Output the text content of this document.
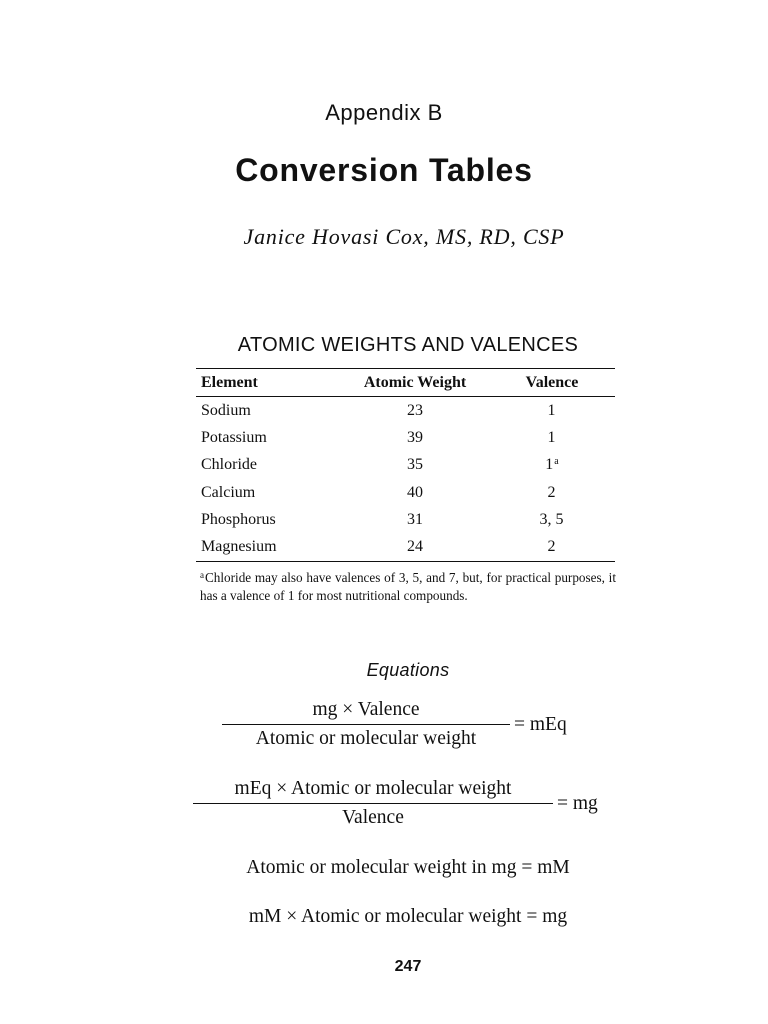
Appendix B
Conversion Tables
Janice Hovasi Cox, MS, RD, CSP
ATOMIC WEIGHTS AND VALENCES
Element	Atomic Weight	Valence
Sodium	23	1
Potassium	39	1
Chloride	35	1$^a$
Calcium	40	2
Phosphorus	31	3, 5
Magnesium	24	2
$^a$Chloride may also have valences of 3, 5, and 7, but, for practical purposes, it has a valence of 1 for most nutritional compounds.
Equations
$\frac{\text{mg × Valence}}{\text{Atomic or molecular weight}}$ = mEq
$\frac{\text{mEq × Atomic or molecular weight}}{\text{Valence}}$ = mg
Atomic or molecular weight in mg = mM
mM × Atomic or molecular weight = mg
247
